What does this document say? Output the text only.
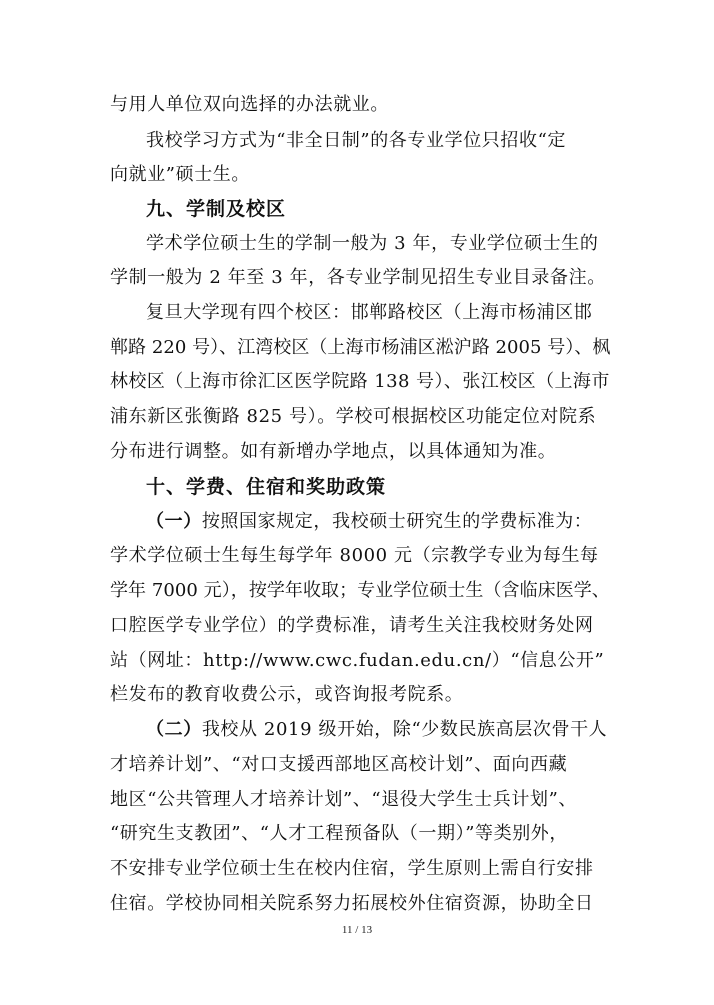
与用人单位双向选择的办法就业。
我校学习方式为“非全日制”的各专业学位只招收“定
向就业”硕士生。
九、学制及校区
学术学位硕士生的学制一般为 3 年，专业学位硕士生的
学制一般为 2 年至 3 年，各专业学制见招生专业目录备注。
复旦大学现有四个校区：邯郸路校区（上海市杨浦区邯
郸路 220 号）、江湾校区（上海市杨浦区淞沪路 2005 号）、枫
林校区（上海市徐汇区医学院路 138 号）、张江校区（上海市
浦东新区张衡路 825 号）。学校可根据校区功能定位对院系
分布进行调整。如有新增办学地点，以具体通知为准。
十、学费、住宿和奖助政策
（一）按照国家规定，我校硕士研究生的学费标准为：
学术学位硕士生每生每学年 8000 元（宗教学专业为每生每
学年 7000 元），按学年收取；专业学位硕士生（含临床医学、
口腔医学专业学位）的学费标准，请考生关注我校财务处网
站（网址：http://www.cwc.fudan.edu.cn/）“信息公开”
栏发布的教育收费公示，或咨询报考院系。
（二）我校从 2019 级开始，除“少数民族高层次骨干人
才培养计划”、“对口支援西部地区高校计划”、面向西藏
地区“公共管理人才培养计划”、“退役大学生士兵计划”、
“研究生支教团”、“人才工程预备队（一期）”等类别外，
不安排专业学位硕士生在校内住宿，学生原则上需自行安排
住宿。学校协同相关院系努力拓展校外住宿资源，协助全日
11 / 13
